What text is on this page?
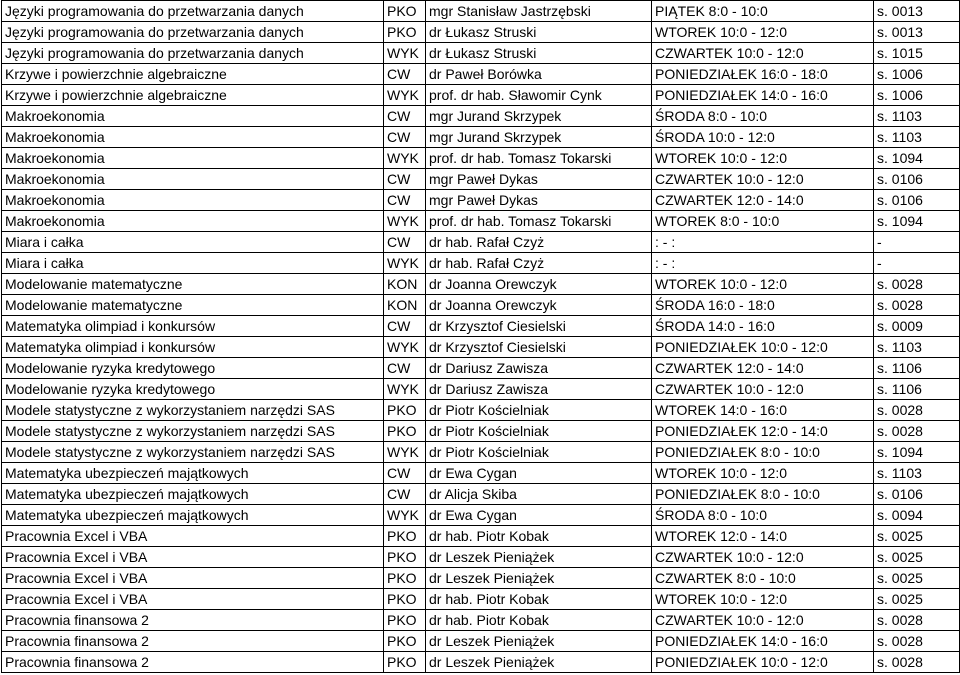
Języki programowania do przetwarzania danych	PKO	mgr Stanisław Jastrzębski	PIĄTEK 8:0 - 10:0	s. 0013
Języki programowania do przetwarzania danych	PKO	dr Łukasz Struski	WTOREK 10:0 - 12:0	s. 0013
Języki programowania do przetwarzania danych	WYK	dr Łukasz Struski	CZWARTEK 10:0 - 12:0	s. 1015
Krzywe i powierzchnie algebraiczne	CW	dr Paweł Borówka	PONIEDZIAŁEK 16:0 - 18:0	s. 1006
Krzywe i powierzchnie algebraiczne	WYK	prof. dr hab. Sławomir Cynk	PONIEDZIAŁEK 14:0 - 16:0	s. 1006
Makroekonomia	CW	mgr Jurand Skrzypek	ŚRODA 8:0 - 10:0	s. 1103
Makroekonomia	CW	mgr Jurand Skrzypek	ŚRODA 10:0 - 12:0	s. 1103
Makroekonomia	WYK	prof. dr hab. Tomasz Tokarski	WTOREK 10:0 - 12:0	s. 1094
Makroekonomia	CW	mgr Paweł Dykas	CZWARTEK 10:0 - 12:0	s. 0106
Makroekonomia	CW	mgr Paweł Dykas	CZWARTEK 12:0 - 14:0	s. 0106
Makroekonomia	WYK	prof. dr hab. Tomasz Tokarski	WTOREK 8:0 - 10:0	s. 1094
Miara i całka	CW	dr hab. Rafał Czyż	: - :	-
Miara i całka	WYK	dr hab. Rafał Czyż	: - :	-
Modelowanie matematyczne	KON	dr Joanna Orewczyk	WTOREK 10:0 - 12:0	s. 0028
Modelowanie matematyczne	KON	dr Joanna Orewczyk	ŚRODA 16:0 - 18:0	s. 0028
Matematyka olimpiad i konkursów	CW	dr Krzysztof Ciesielski	ŚRODA 14:0 - 16:0	s. 0009
Matematyka olimpiad i konkursów	WYK	dr Krzysztof Ciesielski	PONIEDZIAŁEK 10:0 - 12:0	s. 1103
Modelowanie ryzyka kredytowego	CW	dr Dariusz Zawisza	CZWARTEK 12:0 - 14:0	s. 1106
Modelowanie ryzyka kredytowego	WYK	dr Dariusz Zawisza	CZWARTEK 10:0 - 12:0	s. 1106
Modele statystyczne z wykorzystaniem narzędzi SAS	PKO	dr Piotr Kościelniak	WTOREK 14:0 - 16:0	s. 0028
Modele statystyczne z wykorzystaniem narzędzi SAS	PKO	dr Piotr Kościelniak	PONIEDZIAŁEK 12:0 - 14:0	s. 0028
Modele statystyczne z wykorzystaniem narzędzi SAS	WYK	dr Piotr Kościelniak	PONIEDZIAŁEK 8:0 - 10:0	s. 1094
Matematyka ubezpieczeń majątkowych	CW	dr Ewa Cygan	WTOREK 10:0 - 12:0	s. 1103
Matematyka ubezpieczeń majątkowych	CW	dr Alicja Skiba	PONIEDZIAŁEK 8:0 - 10:0	s. 0106
Matematyka ubezpieczeń majątkowych	WYK	dr Ewa Cygan	ŚRODA 8:0 - 10:0	s. 0094
Pracownia Excel i VBA	PKO	dr hab. Piotr Kobak	WTOREK 12:0 - 14:0	s. 0025
Pracownia Excel i VBA	PKO	dr Leszek Pieniążek	CZWARTEK 10:0 - 12:0	s. 0025
Pracownia Excel i VBA	PKO	dr Leszek Pieniążek	CZWARTEK 8:0 - 10:0	s. 0025
Pracownia Excel i VBA	PKO	dr hab. Piotr Kobak	WTOREK 10:0 - 12:0	s. 0025
Pracownia finansowa 2	PKO	dr hab. Piotr Kobak	CZWARTEK 10:0 - 12:0	s. 0028
Pracownia finansowa 2	PKO	dr Leszek Pieniążek	PONIEDZIAŁEK 14:0 - 16:0	s. 0028
Pracownia finansowa 2	PKO	dr Leszek Pieniążek	PONIEDZIAŁEK 10:0 - 12:0	s. 0028
